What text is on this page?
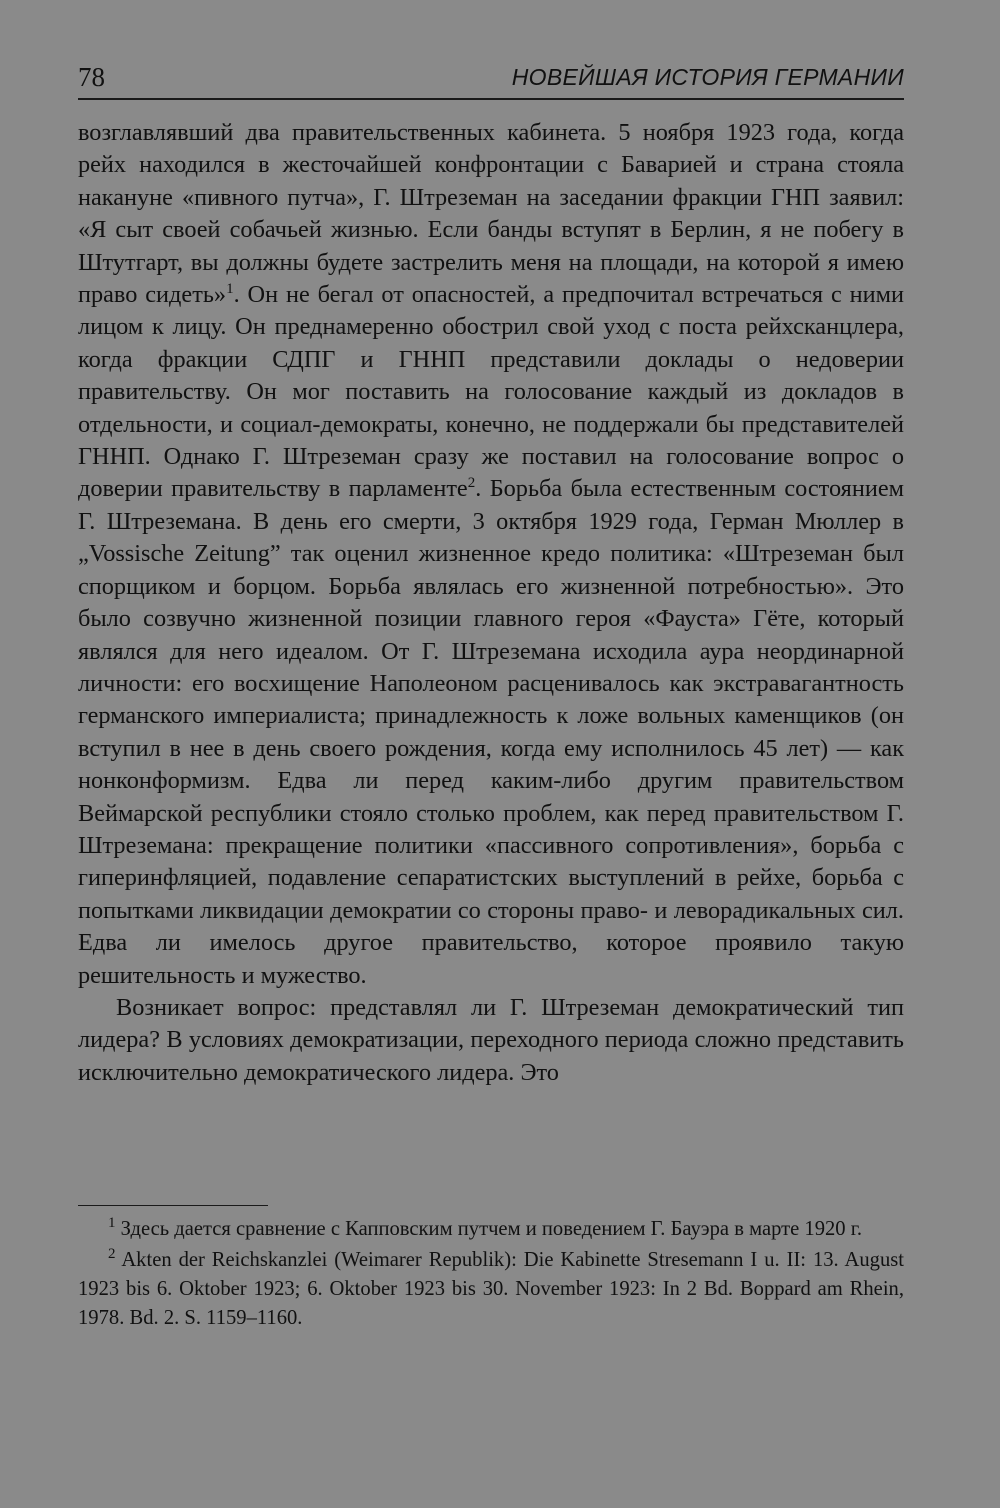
78	НОВЕЙШАЯ ИСТОРИЯ ГЕРМАНИИ

возглавлявший два правительственных кабинета. 5 ноября 1923 года, когда рейх находился в жесточайшей конфронтации с Баварией и страна стояла накануне «пивного путча», Г. Штреземан на заседании фракции ГНП заявил: «Я сыт своей собачьей жизнью. Если банды вступят в Берлин, я не побегу в Штутгарт, вы должны будете застрелить меня на площади, на которой я имею право сидеть»$^1$. Он не бегал от опасностей, а предпочитал встречаться с ними лицом к лицу. Он преднамеренно обострил свой уход с поста рейхсканцлера, когда фракции СДПГ и ГННП представили доклады о недоверии правительству. Он мог поставить на голосование каждый из докладов в отдельности, и социал-демократы, конечно, не поддержали бы представителей ГННП. Однако Г. Штреземан сразу же поставил на голосование вопрос о доверии правительству в парламенте$^2$. Борьба была естественным состоянием Г. Штреземана. В день его смерти, 3 октября 1929 года, Герман Мюллер в „Vossische Zeitung” так оценил жизненное кредо политика: «Штреземан был спорщиком и борцом. Борьба являлась его жизненной потребностью». Это было созвучно жизненной позиции главного героя «Фауста» Гёте, который являлся для него идеалом. От Г. Штреземана исходила аура неординарной личности: его восхищение Наполеоном расценивалось как экстравагантность германского империалиста; принадлежность к ложе вольных каменщиков (он вступил в нее в день своего рождения, когда ему исполнилось 45 лет) — как нонконформизм. Едва ли перед каким-либо другим правительством Веймарской республики стояло столько проблем, как перед правительством Г. Штреземана: прекращение политики «пассивного сопротивления», борьба с гиперинфляцией, подавление сепаратистских выступлений в рейхе, борьба с попытками ликвидации демократии со стороны право- и леворадикальных сил. Едва ли имелось другое правительство, которое проявило такую решительность и мужество.

Возникает вопрос: представлял ли Г. Штреземан демократический тип лидера? В условиях демократизации, переходного периода сложно представить исключительно демократического лидера. Это

$^1$ Здесь дается сравнение с Капповским путчем и поведением Г. Бауэра в марте 1920 г.

$^2$ Akten der Reichskanzlei (Weimarer Republik): Die Kabinette Stresemann I u. II: 13. August 1923 bis 6. Oktober 1923; 6. Oktober 1923 bis 30. November 1923: In 2 Bd. Boppard am Rhein, 1978. Bd. 2. S. 1159–1160.
